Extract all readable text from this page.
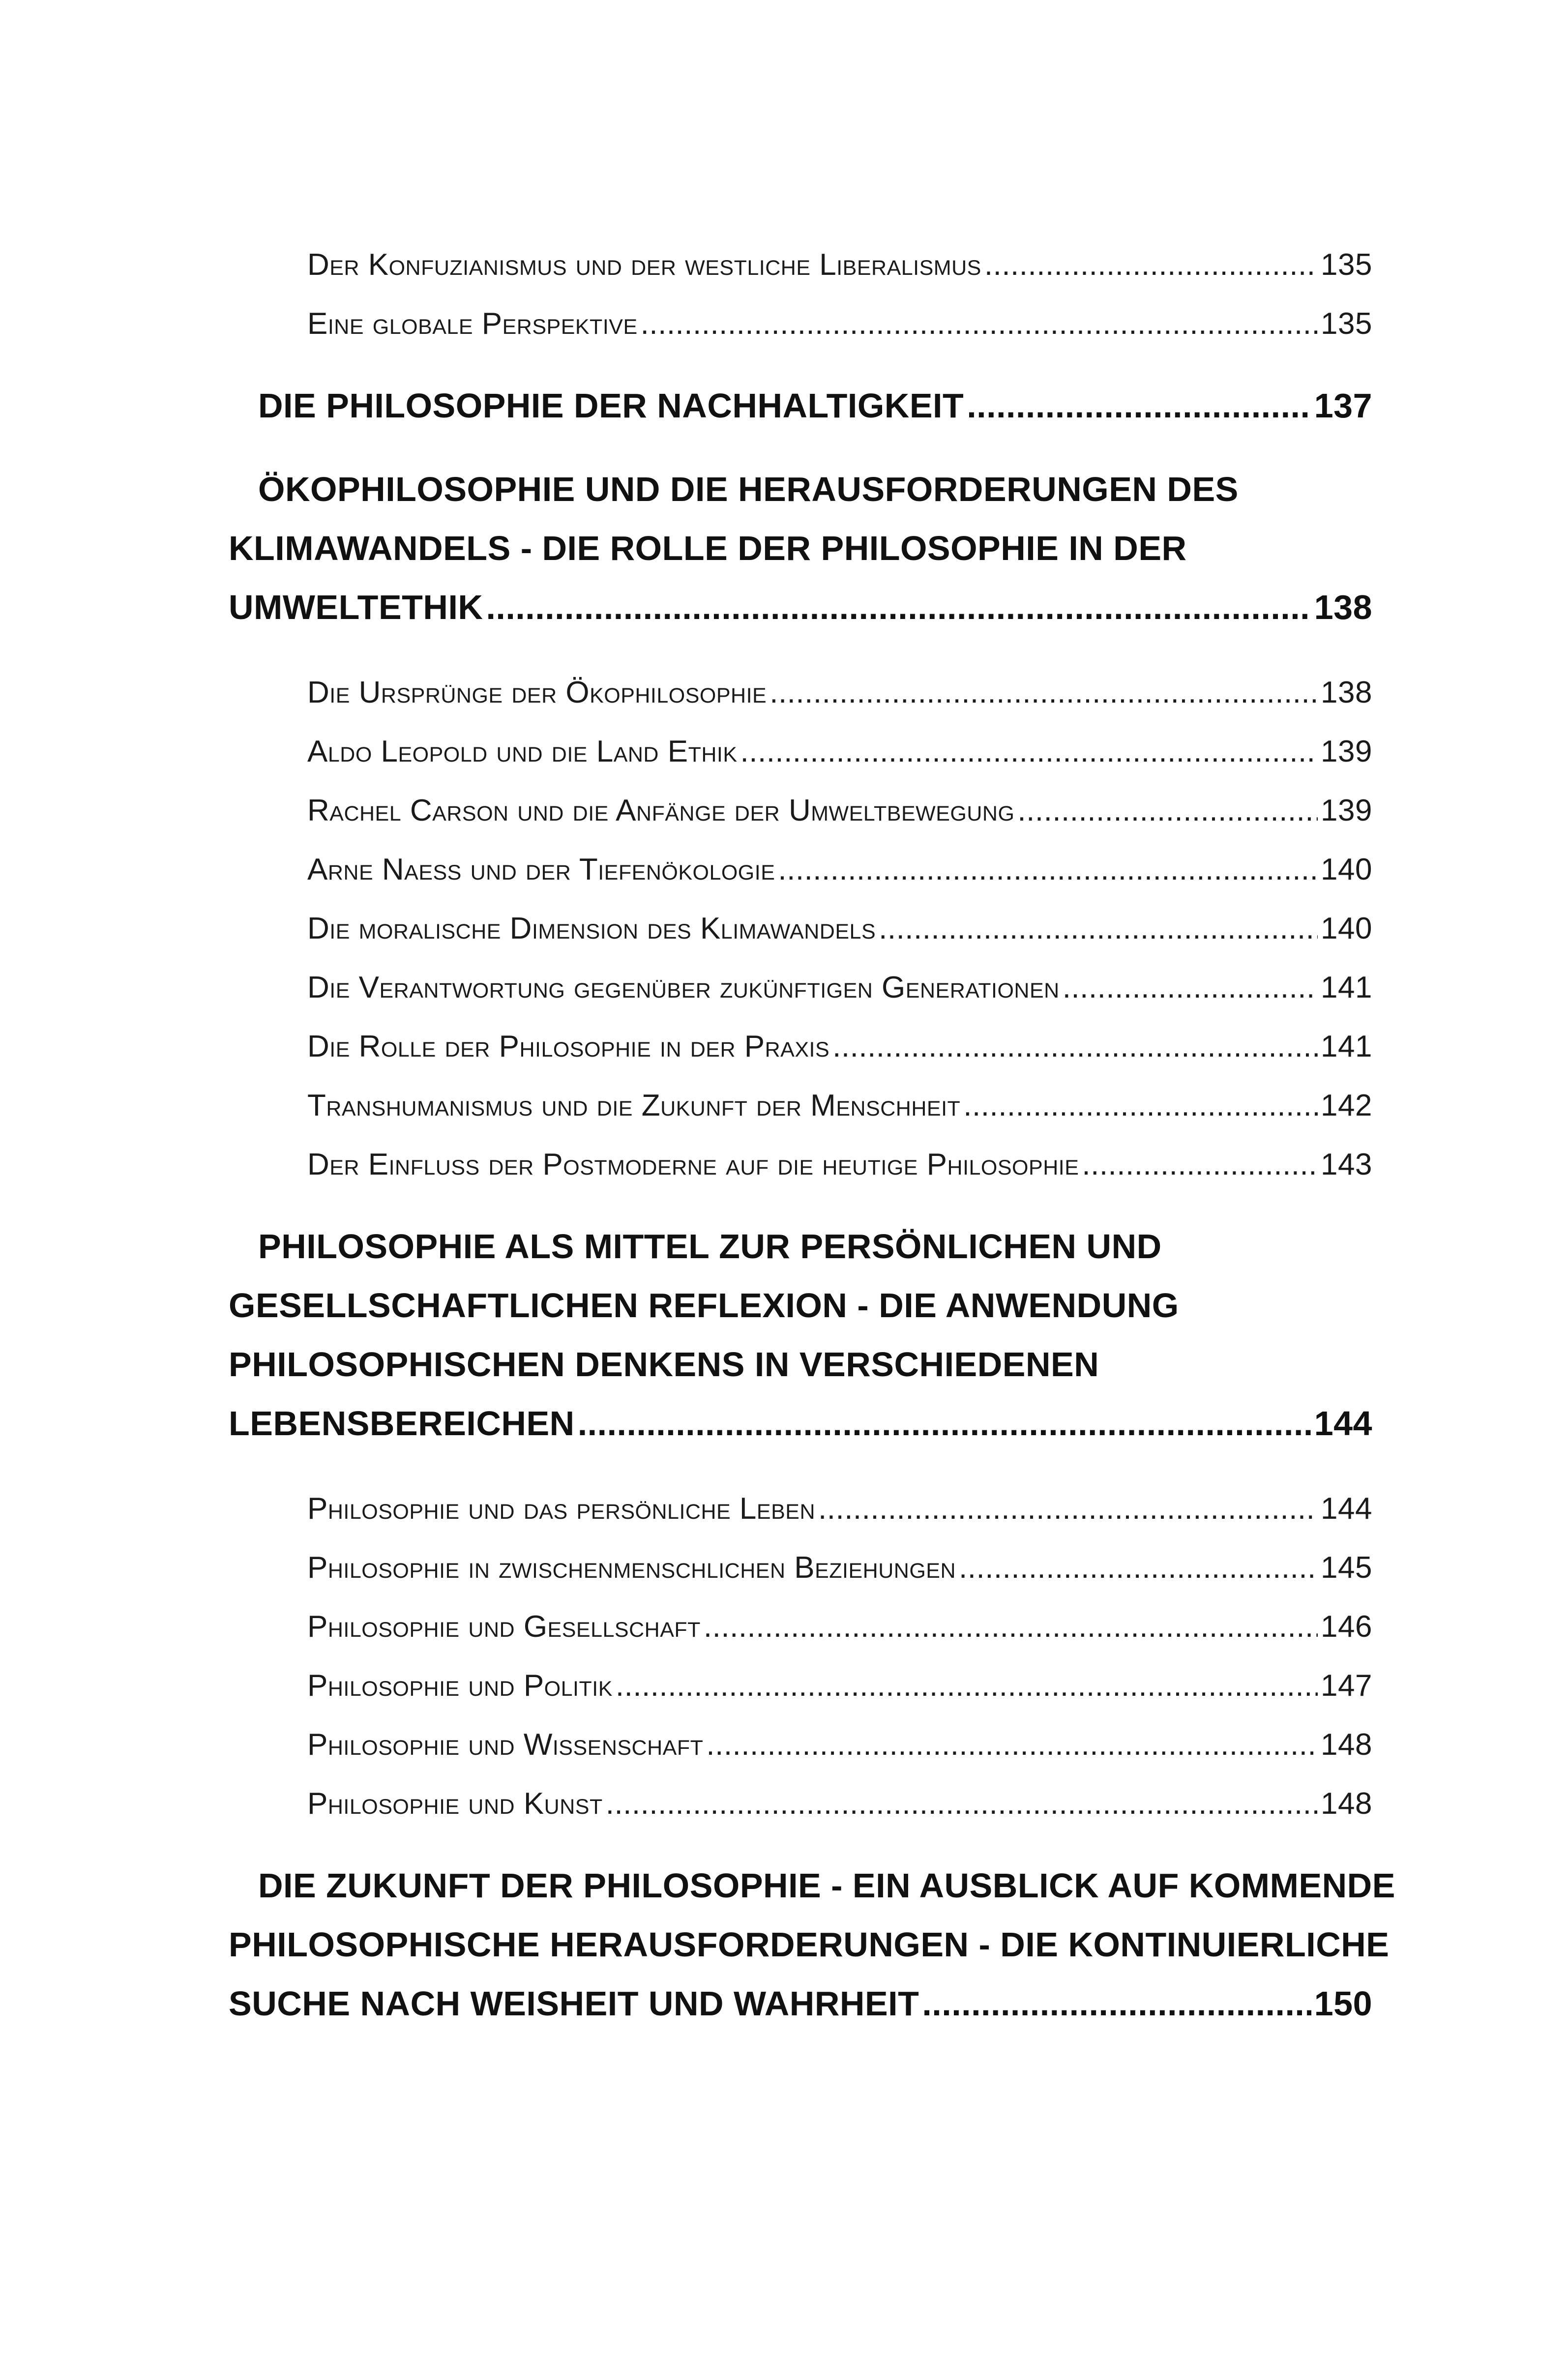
Der Konfuzianismus und der westliche Liberalismus .....	135
Eine globale Perspektive .....	135
DIE PHILOSOPHIE DER NACHHALTIGKEIT .....	137
ÖKOPHILOSOPHIE UND DIE HERAUSFORDERUNGEN DES
KLIMAWANDELS - DIE ROLLE DER PHILOSOPHIE IN DER
UMWELTETHIK .....	138
Die Ursprünge der Ökophilosophie .....	138
Aldo Leopold und die Land Ethik .....	139
Rachel Carson und die Anfänge der Umweltbewegung .....	139
Arne Naess und der Tiefenökologie .....	140
Die moralische Dimension des Klimawandels .....	140
Die Verantwortung gegenüber zukünftigen Generationen .....	141
Die Rolle der Philosophie in der Praxis .....	141
Transhumanismus und die Zukunft der Menschheit .....	142
Der Einfluss der Postmoderne auf die heutige Philosophie .....	143
PHILOSOPHIE ALS MITTEL ZUR PERSÖNLICHEN UND
GESELLSCHAFTLICHEN REFLEXION - DIE ANWENDUNG
PHILOSOPHISCHEN DENKENS IN VERSCHIEDENEN
LEBENSBEREICHEN .....	144
Philosophie und das persönliche Leben .....	144
Philosophie in zwischenmenschlichen Beziehungen .....	145
Philosophie und Gesellschaft .....	146
Philosophie und Politik .....	147
Philosophie und Wissenschaft .....	148
Philosophie und Kunst .....	148
DIE ZUKUNFT DER PHILOSOPHIE - EIN AUSBLICK AUF KOMMENDE
PHILOSOPHISCHE HERAUSFORDERUNGEN - DIE KONTINUIERLICHE
SUCHE NACH WEISHEIT UND WAHRHEIT .....	150
